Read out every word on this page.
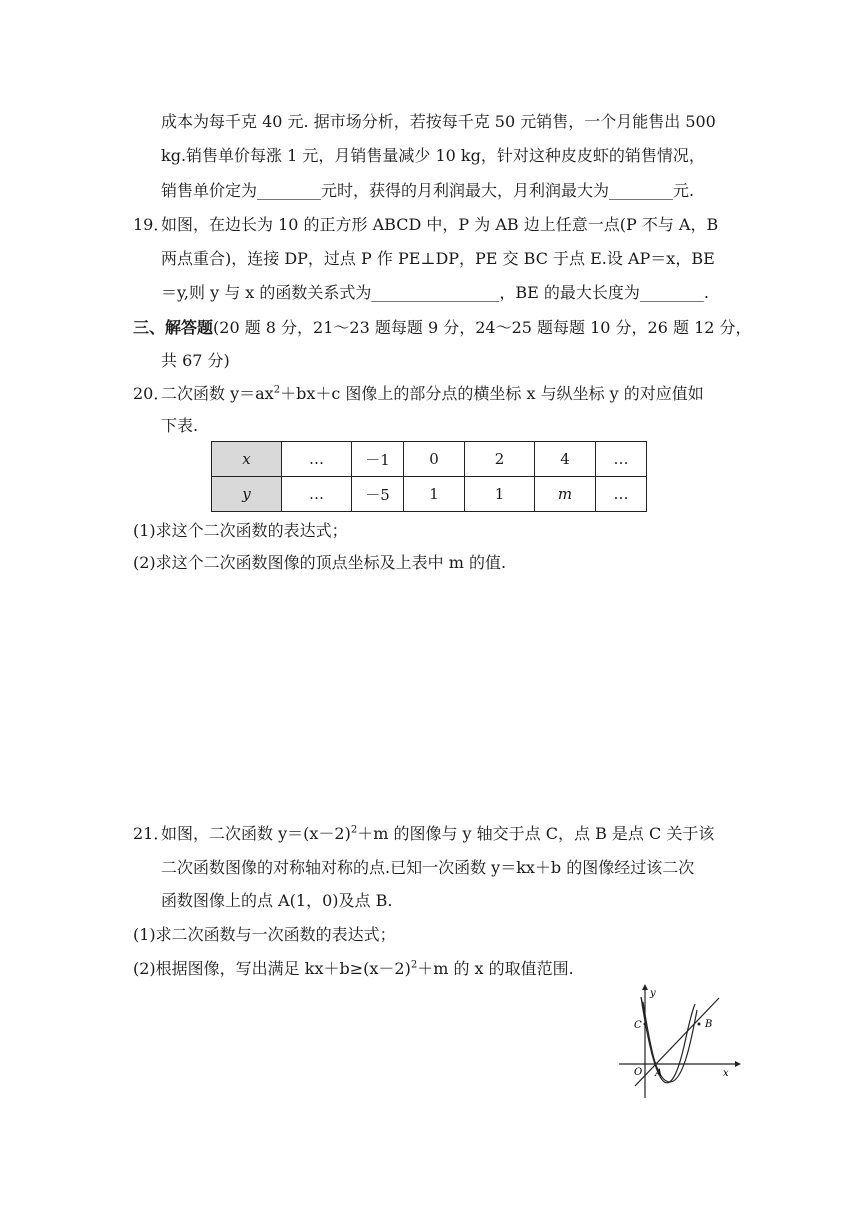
成本为每千克 40 元. 据市场分析，若按每千克 50 元销售，一个月能售出 500
kg.销售单价每涨 1 元，月销售量减少 10 kg，针对这种皮皮虾的销售情况，
销售单价定为________元时，获得的月利润最大，月利润最大为________元.
19．
如图，在边长为 10 的正方形 ABCD 中，P 为 AB 边上任意一点(P 不与 A，B
两点重合)，连接 DP，过点 P 作 PE⊥DP，PE 交 BC 于点 E.设 AP＝x，BE
＝y,则 y 与 x 的函数关系式为________________，BE 的最大长度为________.
三、解答题(20 题 8 分，21～23 题每题 9 分，24～25 题每题 10 分，26 题 12 分，
共 67 分)
20．
二次函数 $y=ax^2+bx+c$ 图像上的部分点的横坐标 x 与纵坐标 y 的对应值如
下表.
x	…	－1	0	2	4	…
y	…	－5	1	1	m	…
(1)求这个二次函数的表达式；
(2)求这个二次函数图像的顶点坐标及上表中 m 的值.
21．
如图，二次函数 $y=(x-2)^2+m$ 的图像与 y 轴交于点 C，点 B 是点 C 关于该
二次函数图像的对称轴对称的点.已知一次函数 y＝kx＋b 的图像经过该二次
函数图像上的点 A(1，0)及点 B.
(1)求二次函数与一次函数的表达式；
(2)根据图像，写出满足 $kx+b\ge(x-2)^2+m$ 的 x 的取值范围.
y
x
C	B
O A
